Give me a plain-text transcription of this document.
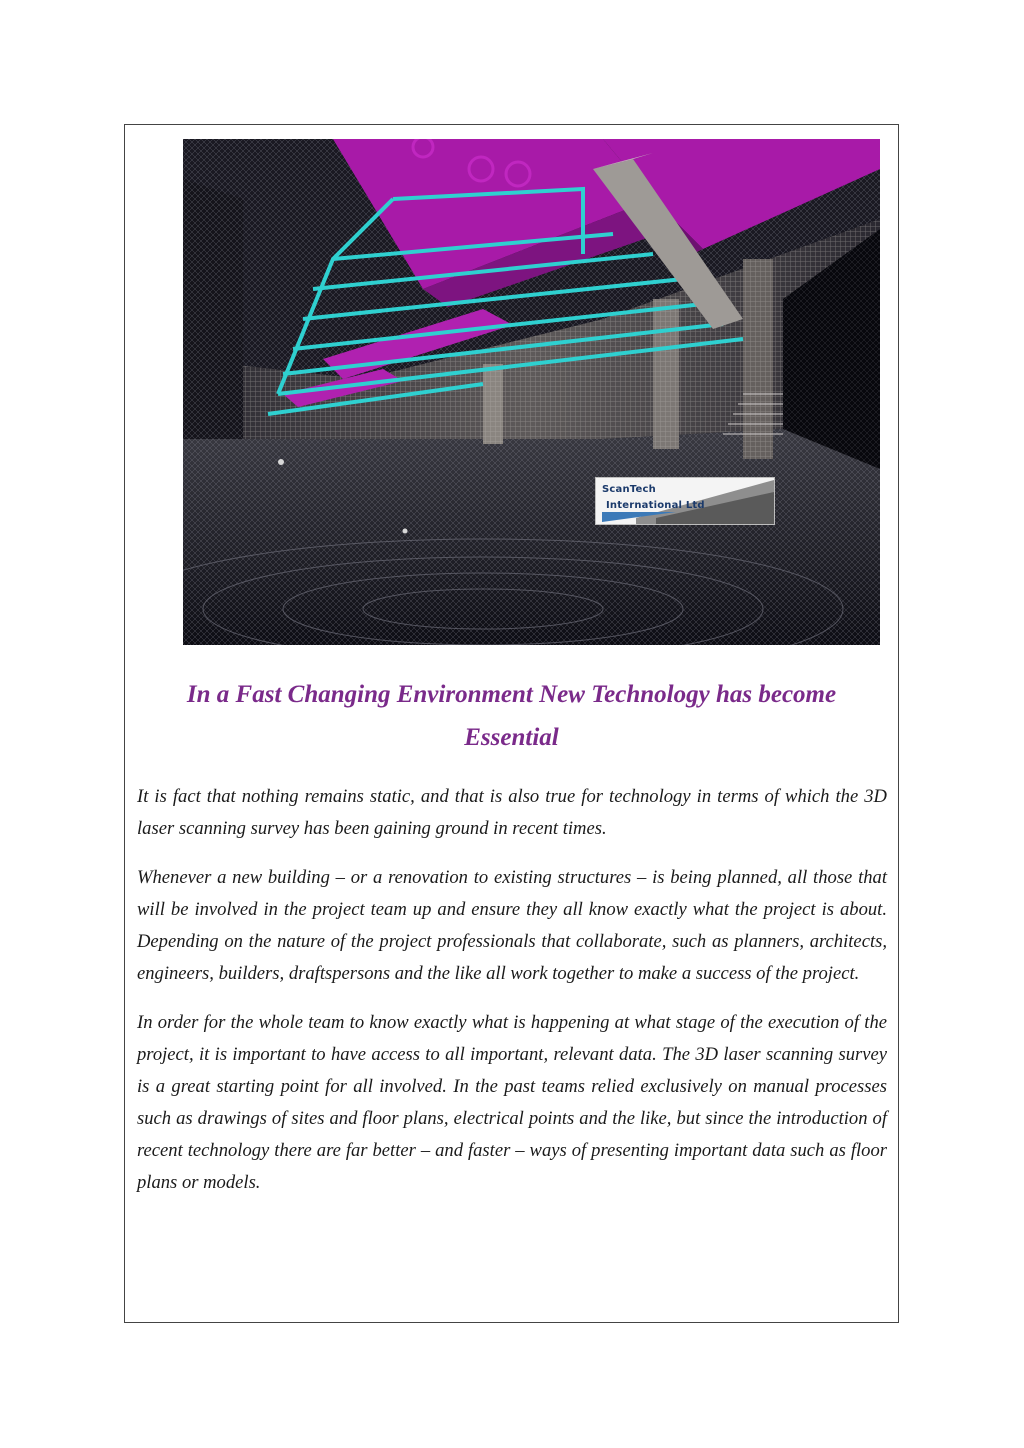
ScanTech
International Ltd
In a Fast Changing Environment New Technology has become Essential

It is fact that nothing remains static, and that is also true for technology in terms of which the 3D laser scanning survey has been gaining ground in recent times.

Whenever a new building – or a renovation to existing structures – is being planned, all those that will be involved in the project team up and ensure they all know exactly what the project is about. Depending on the nature of the project professionals that collaborate, such as planners, architects, engineers, builders, draftspersons and the like all work together to make a success of the project.

In order for the whole team to know exactly what is happening at what stage of the execution of the project, it is important to have access to all important, relevant data. The 3D laser scanning survey is a great starting point for all involved. In the past teams relied exclusively on manual processes such as drawings of sites and floor plans, electrical points and the like, but since the introduction of recent technology there are far better – and faster – ways of presenting important data such as floor plans or models.
